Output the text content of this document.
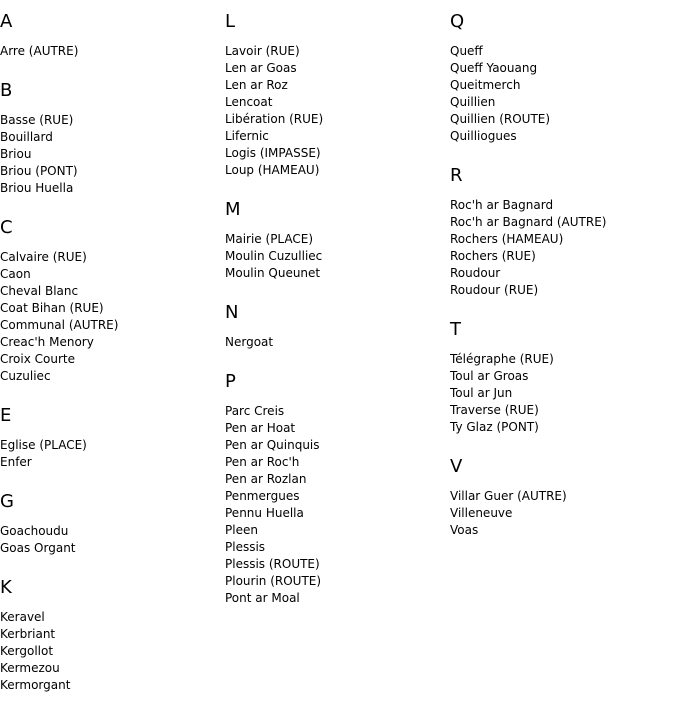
A
Arre (AUTRE)
B
Basse (RUE)
Bouillard
Briou
Briou (PONT)
Briou Huella
C
Calvaire (RUE)
Caon
Cheval Blanc
Coat Bihan (RUE)
Communal (AUTRE)
Creac'h Menory
Croix Courte
Cuzuliec
E
Eglise (PLACE)
Enfer
G
Goachoudu
Goas Organt
K
Keravel
Kerbriant
Kergollot
Kermezou
Kermorgant
L
Lavoir (RUE)
Len ar Goas
Len ar Roz
Lencoat
Libération (RUE)
Lifernic
Logis (IMPASSE)
Loup (HAMEAU)
M
Mairie (PLACE)
Moulin Cuzulliec
Moulin Queunet
N
Nergoat
P
Parc Creis
Pen ar Hoat
Pen ar Quinquis
Pen ar Roc'h
Pen ar Rozlan
Penmergues
Pennu Huella
Pleen
Plessis
Plessis (ROUTE)
Plourin (ROUTE)
Pont ar Moal
Q
Queff
Queff Yaouang
Queitmerch
Quillien
Quillien (ROUTE)
Quilliogues
R
Roc'h ar Bagnard
Roc'h ar Bagnard (AUTRE)
Rochers (HAMEAU)
Rochers (RUE)
Roudour
Roudour (RUE)
T
Télégraphe (RUE)
Toul ar Groas
Toul ar Jun
Traverse (RUE)
Ty Glaz (PONT)
V
Villar Guer (AUTRE)
Villeneuve
Voas
